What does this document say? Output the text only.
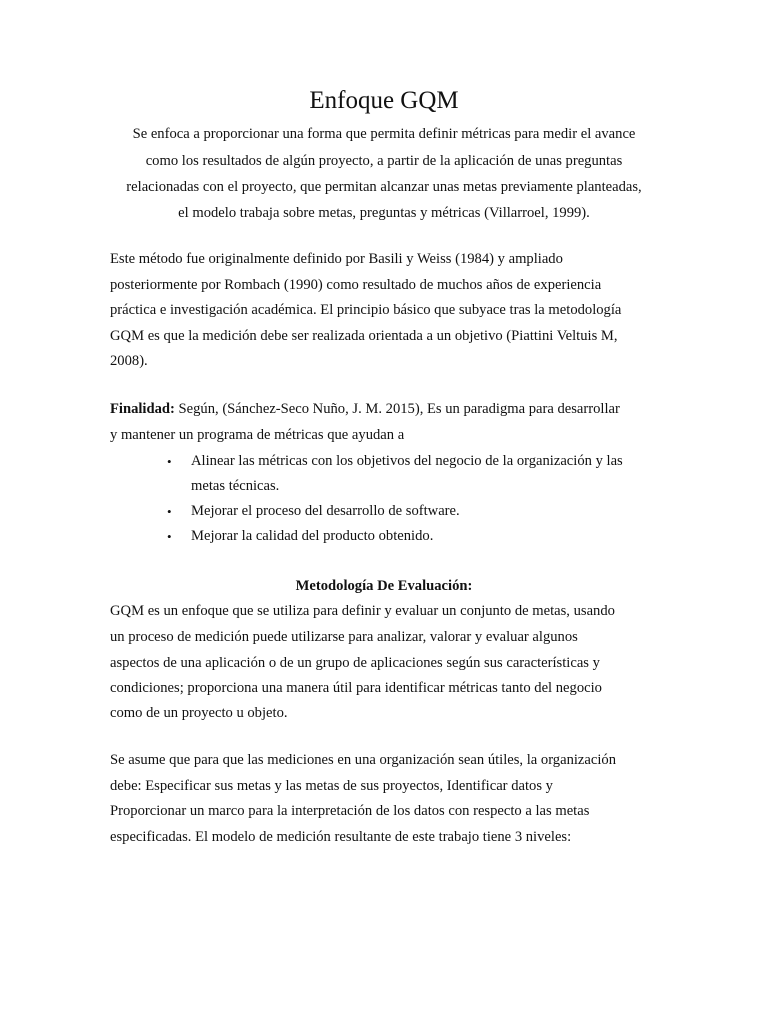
Enfoque GQM

Se enfoca a proporcionar una forma que permita definir métricas para medir el avance

como los resultados de algún proyecto, a partir de la aplicación de unas preguntas

relacionadas con el proyecto, que permitan alcanzar unas metas previamente planteadas,

el modelo trabaja sobre metas, preguntas y métricas (Villarroel, 1999).

Este método fue originalmente definido por Basili y Weiss (1984) y ampliado

posteriormente por Rombach (1990) como resultado de muchos años de experiencia

práctica e investigación académica. El principio básico que subyace tras la metodología

GQM es que la medición debe ser realizada orientada a un objetivo (Piattini Veltuis M,

2008).

Finalidad: Según, (Sánchez-Seco Nuño, J. M. 2015), Es un paradigma para desarrollar

y mantener un programa de métricas que ayudan a

• Alinear las métricas con los objetivos del negocio de la organización y las

metas técnicas.

• Mejorar el proceso del desarrollo de software.

• Mejorar la calidad del producto obtenido.

Metodología De Evaluación:

GQM es un enfoque que se utiliza para definir y evaluar un conjunto de metas, usando

un proceso de medición puede utilizarse para analizar, valorar y evaluar algunos

aspectos de una aplicación o de un grupo de aplicaciones según sus características y

condiciones; proporciona una manera útil para identificar métricas tanto del negocio

como de un proyecto u objeto.

Se asume que para que las mediciones en una organización sean útiles, la organización

debe: Especificar sus metas y las metas de sus proyectos, Identificar datos y

Proporcionar un marco para la interpretación de los datos con respecto a las metas

especificadas. El modelo de medición resultante de este trabajo tiene 3 niveles:
